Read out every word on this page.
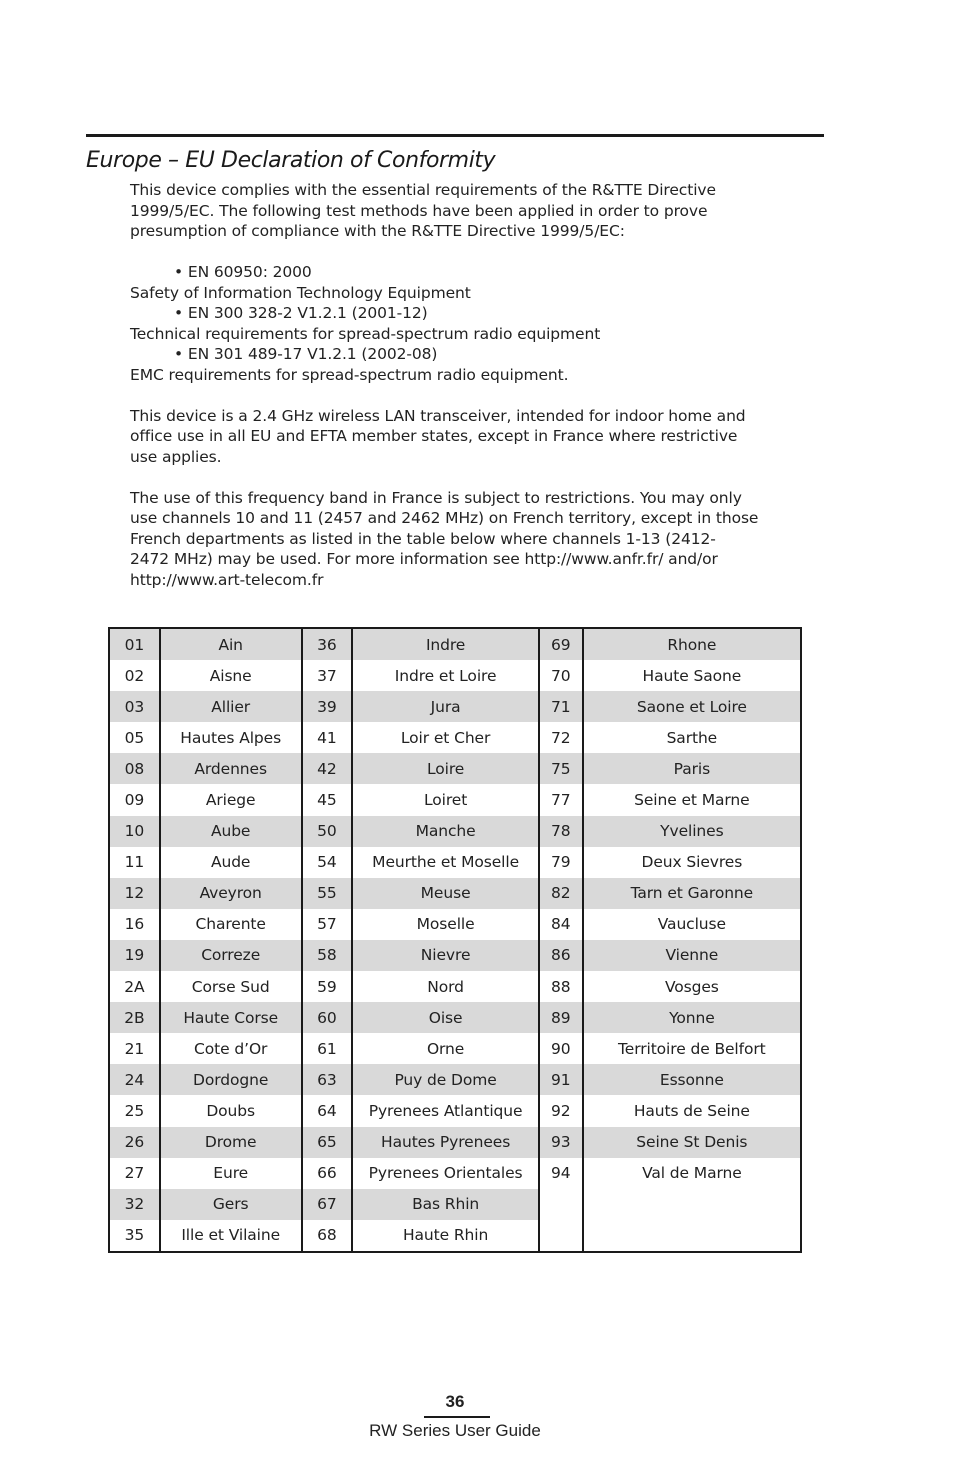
Europe – EU Declaration of Conformity

This device complies with the essential requirements of the R&TTE Directive

1999/5/EC. The following test methods have been applied in order to prove

presumption of compliance with the R&TTE Directive 1999/5/EC:

• EN 60950: 2000

Safety of Information Technology Equipment

• EN 300 328-2 V1.2.1 (2001-12)

Technical requirements for spread-spectrum radio equipment

• EN 301 489-17 V1.2.1 (2002-08)

EMC requirements for spread-spectrum radio equipment.

This device is a 2.4 GHz wireless LAN transceiver, intended for indoor home and

office use in all EU and EFTA member states, except in France where restrictive

use applies.

The use of this frequency band in France is subject to restrictions. You may only

use channels 10 and 11 (2457 and 2462 MHz) on French territory, except in those

French departments as listed in the table below where channels 1-13 (2412-

2472 MHz) may be used. For more information see http://www.anfr.fr/ and/or

http://www.art-telecom.fr

01	Ain	36	Indre	69	Rhone
02	Aisne	37	Indre et Loire	70	Haute Saone
03	Allier	39	Jura	71	Saone et Loire
05	Hautes Alpes	41	Loir et Cher	72	Sarthe
08	Ardennes	42	Loire	75	Paris
09	Ariege	45	Loiret	77	Seine et Marne
10	Aube	50	Manche	78	Yvelines
11	Aude	54	Meurthe et Moselle	79	Deux Sievres
12	Aveyron	55	Meuse	82	Tarn et Garonne
16	Charente	57	Moselle	84	Vaucluse
19	Correze	58	Nievre	86	Vienne
2A	Corse Sud	59	Nord	88	Vosges
2B	Haute Corse	60	Oise	89	Yonne
21	Cote d’Or	61	Orne	90	Territoire de Belfort
24	Dordogne	63	Puy de Dome	91	Essonne
25	Doubs	64	Pyrenees Atlantique	92	Hauts de Seine
26	Drome	65	Hautes Pyrenees	93	Seine St Denis
27	Eure	66	Pyrenees Orientales	94	Val de Marne
32	Gers	67	Bas Rhin		
35	Ille et Vilaine	68	Haute Rhin		
36
RW Series User Guide
